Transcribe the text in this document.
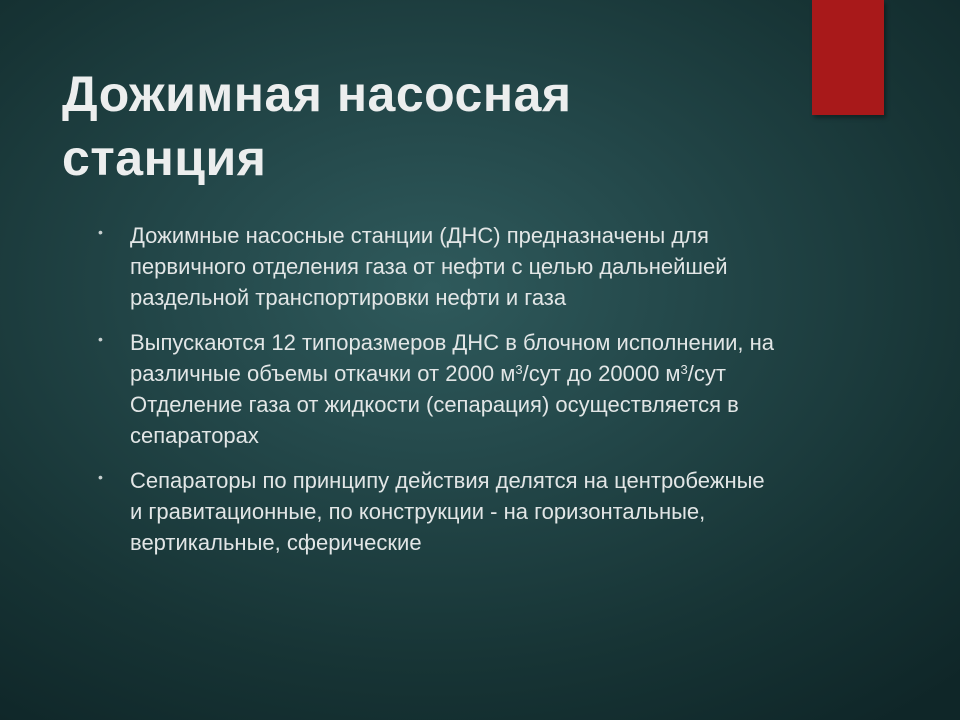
Дожимная насосная станция
• Дожимные насосные станции (ДНС) предназначены для первичного отделения газа от нефти с целью дальнейшей раздельной транспортировки нефти и газа
• Выпускаются 12 типоразмеров ДНС в блочном исполнении, на различные объемы откачки от 2000 $м^3$/сут до 20000 $м^3$/сут Отделение газа от жидкости (сепарация) осуществляется в сепараторах
• Сепараторы по принципу действия делятся на центробежные и гравитационные, по конструкции - на горизонтальные, вертикальные, сферические
